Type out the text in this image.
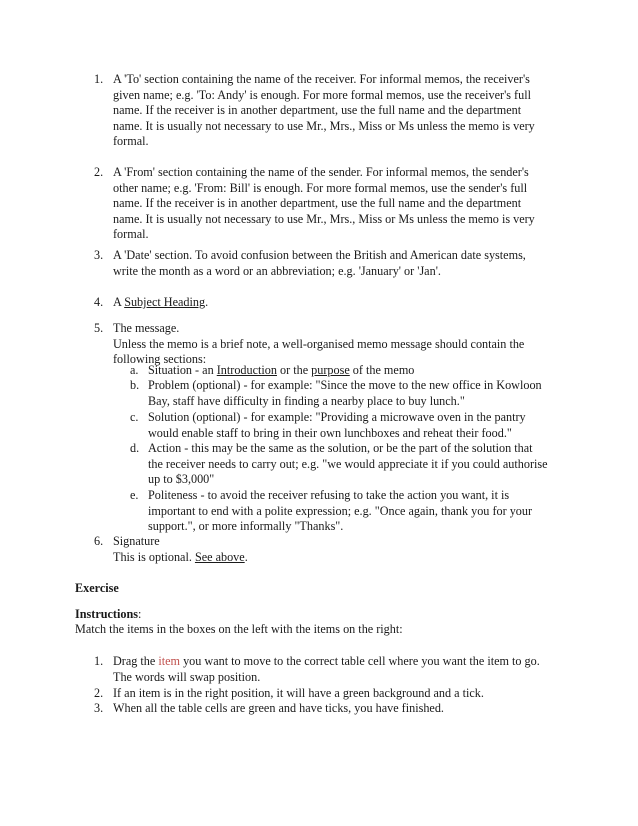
1. A 'To' section containing the name of the receiver. For informal memos, the receiver's
given name; e.g. 'To: Andy' is enough. For more formal memos, use the receiver's full
name. If the receiver is in another department, use the full name and the department
name. It is usually not necessary to use Mr., Mrs., Miss or Ms unless the memo is very
formal.
2. A 'From' section containing the name of the sender. For informal memos, the sender's
other name; e.g. 'From: Bill' is enough. For more formal memos, use the sender's full
name. If the receiver is in another department, use the full name and the department
name. It is usually not necessary to use Mr., Mrs., Miss or Ms unless the memo is very
formal.
3. A 'Date' section. To avoid confusion between the British and American date systems,
write the month as a word or an abbreviation; e.g. 'January' or 'Jan'.
4. A Subject Heading.
5. The message.
Unless the memo is a brief note, a well-organised memo message should contain the
following sections:
a. Situation - an Introduction or the purpose of the memo
b. Problem (optional) - for example: "Since the move to the new office in Kowloon
Bay, staff have difficulty in finding a nearby place to buy lunch."
c. Solution (optional) - for example: "Providing a microwave oven in the pantry
would enable staff to bring in their own lunchboxes and reheat their food."
d. Action - this may be the same as the solution, or be the part of the solution that
the receiver needs to carry out; e.g. "we would appreciate it if you could authorise
up to $3,000"
e. Politeness - to avoid the receiver refusing to take the action you want, it is
important to end with a polite expression; e.g. "Once again, thank you for your
support.", or more informally "Thanks".
6. Signature
This is optional. See above.
Exercise
Instructions:
Match the items in the boxes on the left with the items on the right:
1. Drag the item you want to move to the correct table cell where you want the item to go.
The words will swap position.
2. If an item is in the right position, it will have a green background and a tick.
3. When all the table cells are green and have ticks, you have finished.
